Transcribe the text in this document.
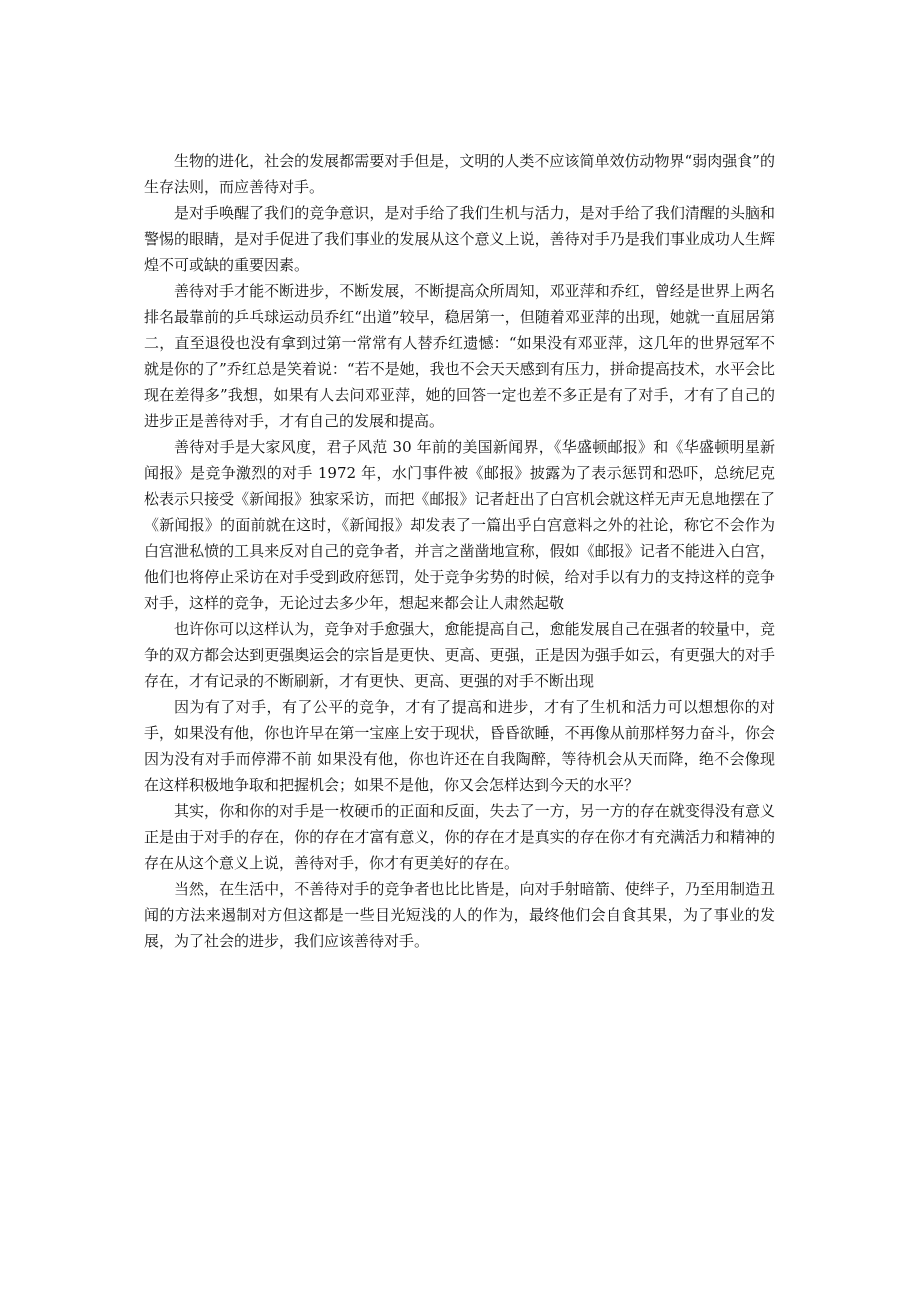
生物的进化，社会的发展都需要对手但是，文明的人类不应该简单效仿动物界“弱肉强食”的生存法则，而应善待对手。

是对手唤醒了我们的竞争意识，是对手给了我们生机与活力，是对手给了我们清醒的头脑和警惕的眼睛，是对手促进了我们事业的发展从这个意义上说，善待对手乃是我们事业成功人生辉煌不可或缺的重要因素。

善待对手才能不断进步，不断发展，不断提高众所周知，邓亚萍和乔红，曾经是世界上两名排名最靠前的乒乓球运动员乔红“出道”较早，稳居第一，但随着邓亚萍的出现，她就一直屈居第二，直至退役也没有拿到过第一常常有人替乔红遗憾：“如果没有邓亚萍，这几年的世界冠军不就是你的了”乔红总是笑着说：“若不是她，我也不会天天感到有压力，拼命提高技术，水平会比现在差得多”我想，如果有人去问邓亚萍，她的回答一定也差不多正是有了对手，才有了自己的进步正是善待对手，才有自己的发展和提高。

善待对手是大家风度，君子风范 30 年前的美国新闻界，《华盛顿邮报》和《华盛顿明星新闻报》是竞争激烈的对手 1972 年，水门事件被《邮报》披露为了表示惩罚和恐吓，总统尼克松表示只接受《新闻报》独家采访，而把《邮报》记者赶出了白宫机会就这样无声无息地摆在了《新闻报》的面前就在这时，《新闻报》却发表了一篇出乎白宫意料之外的社论，称它不会作为白宫泄私愤的工具来反对自己的竞争者，并言之凿凿地宣称，假如《邮报》记者不能进入白宫，他们也将停止采访在对手受到政府惩罚，处于竞争劣势的时候，给对手以有力的支持这样的竞争对手，这样的竞争，无论过去多少年，想起来都会让人肃然起敬

也许你可以这样认为，竞争对手愈强大，愈能提高自己，愈能发展自己在强者的较量中，竞争的双方都会达到更强奥运会的宗旨是更快、更高、更强，正是因为强手如云，有更强大的对手存在，才有记录的不断刷新，才有更快、更高、更强的对手不断出现

因为有了对手，有了公平的竞争，才有了提高和进步，才有了生机和活力可以想想你的对手，如果没有他，你也许早在第一宝座上安于现状，昏昏欲睡，不再像从前那样努力奋斗，你会因为没有对手而停滞不前 如果没有他，你也许还在自我陶醉，等待机会从天而降，绝不会像现在这样积极地争取和把握机会；如果不是他，你又会怎样达到今天的水平？

其实，你和你的对手是一枚硬币的正面和反面，失去了一方，另一方的存在就变得没有意义正是由于对手的存在，你的存在才富有意义，你的存在才是真实的存在你才有充满活力和精神的存在从这个意义上说，善待对手，你才有更美好的存在。

当然，在生活中，不善待对手的竞争者也比比皆是，向对手射暗箭、使绊子，乃至用制造丑闻的方法来遏制对方但这都是一些目光短浅的人的作为，最终他们会自食其果，为了事业的发展，为了社会的进步，我们应该善待对手。
